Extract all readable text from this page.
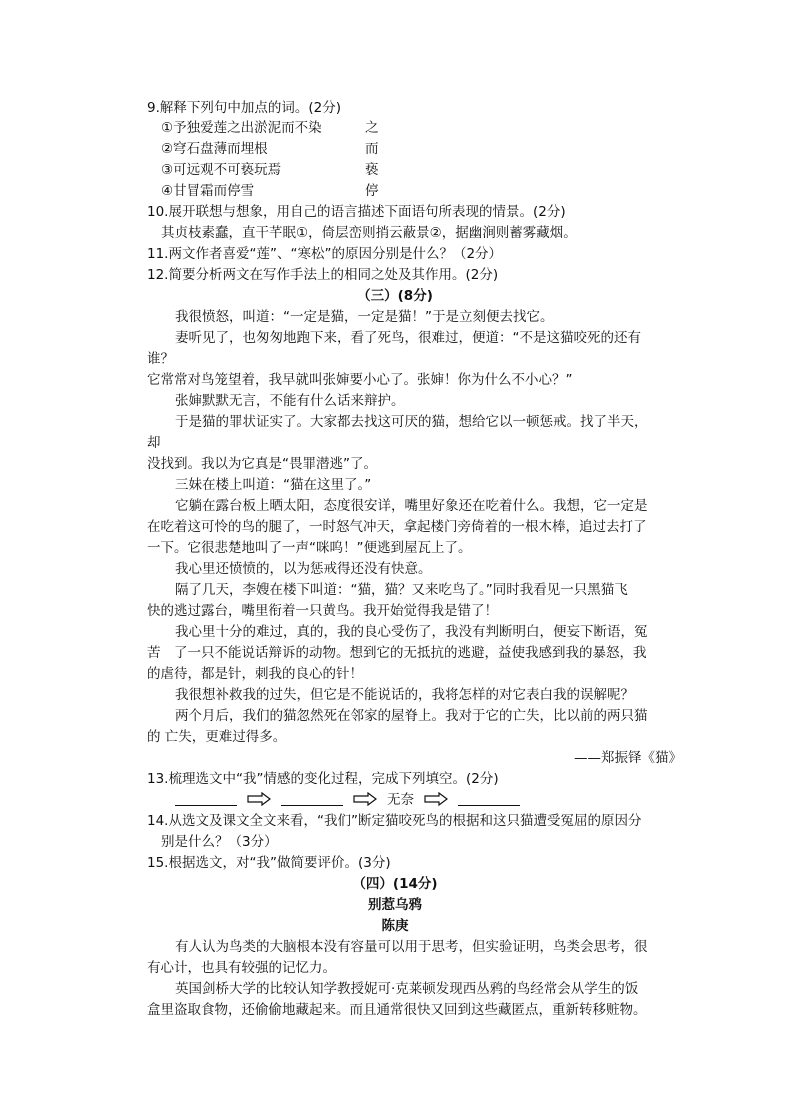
9.解释下列句中加点的词。(2分)
①予独爱莲之出淤泥而不染	之
②穹石盘薄而埋根	而
③可远观不可亵玩焉	亵
④甘冒霜而停雪	停
10.展开联想与想象，用自己的语言描述下面语句所表现的情景。(2分)
其贞枝素蠢，直干芊眠①，倚层峦则捎云蔽景②，据幽涧则蓄雾藏烟。
11.两文作者喜爱“莲”、“寒松”的原因分别是什么？（2分）
12.简要分析两文在写作手法上的相同之处及其作用。(2分)
（三）(8分)
我很愤怒，叫道：“一定是猫，一定是猫！”于是立刻便去找它。
妻听见了，也匆匆地跑下来，看了死鸟，很难过，便道：“不是这猫咬死的还有
谁？
它常常对鸟笼望着，我早就叫张婶要小心了。张婶！你为什么不小心？”
张婶默默无言，不能有什么话来辩护。
于是猫的罪状证实了。大家都去找这可厌的猫，想给它以一顿惩戒。找了半天，
却
没找到。我以为它真是“畏罪潜逃”了。
三妹在楼上叫道：“猫在这里了。”
它躺在露台板上晒太阳，态度很安详，嘴里好象还在吃着什么。我想，它一定是
在吃着这可怜的鸟的腿了，一时怒气冲天，拿起楼门旁倚着的一根木棒，追过去打了
一下。它很悲楚地叫了一声“咪呜！”便逃到屋瓦上了。
我心里还愤愤的，以为惩戒得还没有快意。
隔了几天，李嫂在楼下叫道：“猫，猫？又来吃鸟了。”同时我看见一只黑猫飞
快的逃过露台，嘴里衔着一只黄鸟。我开始觉得我是错了！
我心里十分的难过，真的，我的良心受伤了，我没有判断明白，便妄下断语，冤
苦　了一只不能说话辩诉的动物。想到它的无抵抗的逃避，益使我感到我的暴怒，我
的虐待，都是针，刺我的良心的针！
我很想补救我的过失，但它是不能说话的，我将怎样的对它表白我的误解呢？
两个月后，我们的猫忽然死在邻家的屋脊上。我对于它的亡失，比以前的两只猫
的 亡失，更难过得多。
——郑振铎《猫》
13.梳理选文中“我”情感的变化过程，完成下列填空。(2分)
无奈
14.从选文及课文全文来看，“我们”断定猫咬死鸟的根据和这只猫遭受冤屈的原因分
别是什么？（3分）
15.根据选文，对“我”做简要评价。(3分)
（四）(14分)
别惹乌鸦
陈庚
有人认为鸟类的大脑根本没有容量可以用于思考，但实验证明，鸟类会思考，很
有心计，也具有较强的记忆力。
英国剑桥大学的比较认知学教授妮可·克莱顿发现西丛鸦的鸟经常会从学生的饭
盒里盗取食物，还偷偷地藏起来。而且通常很快又回到这些藏匿点，重新转移赃物。
